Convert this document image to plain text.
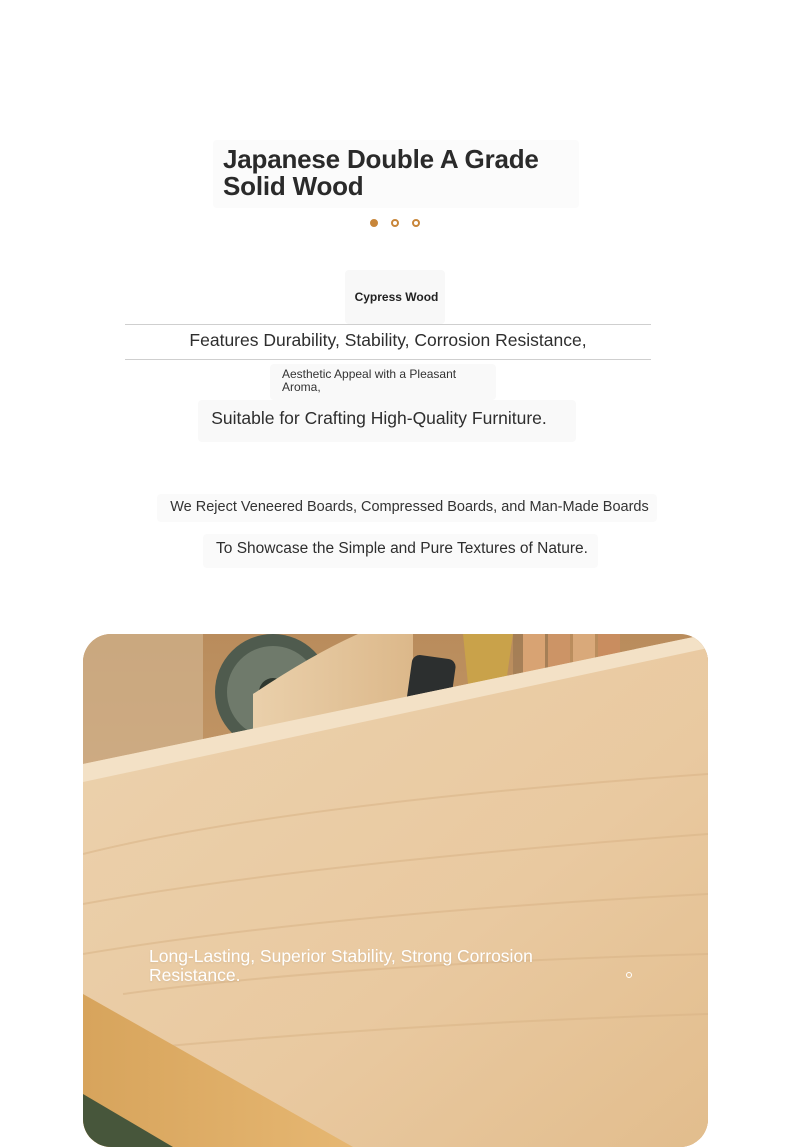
Japanese Double A Grade Solid Wood
Cypress Wood
Features Durability, Stability, Corrosion Resistance,
Aesthetic Appeal with a Pleasant Aroma,
Suitable for Crafting High-Quality Furniture.
We Reject Veneered Boards, Compressed Boards, and Man-Made Boards
To Showcase the Simple and Pure Textures of Nature.
Long-Lasting, Superior Stability, Strong Corrosion Resistance.
